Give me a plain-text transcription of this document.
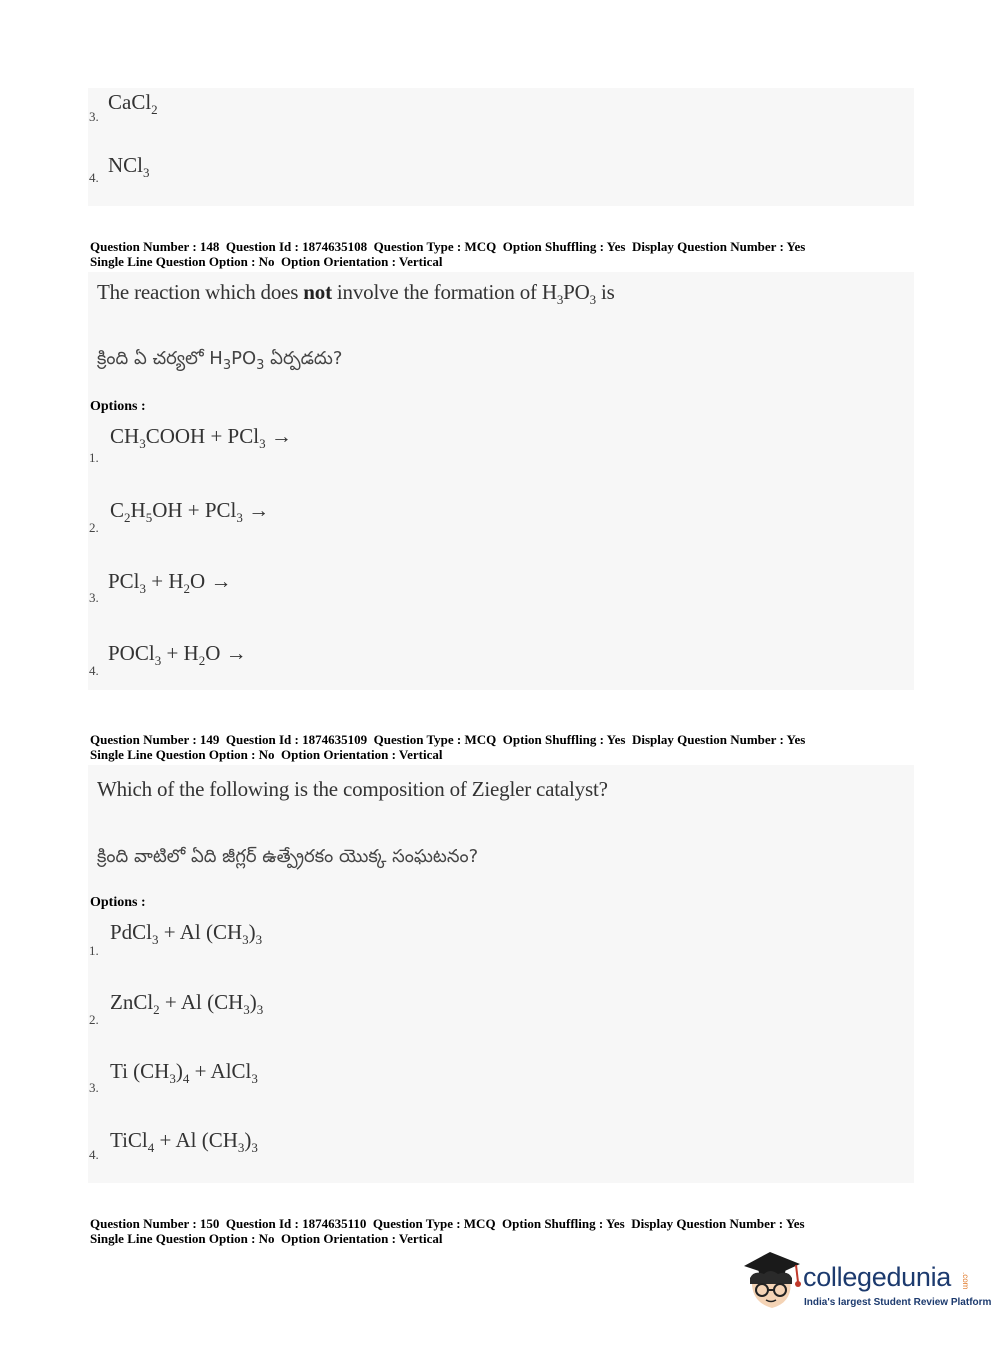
3.
CaCl$_2$
4.
NCl$_3$
Question Number : 148  Question Id : 1874635108  Question Type : MCQ  Option Shuffling : Yes  Display Question Number : Yes
Single Line Question Option : No  Option Orientation : Vertical
The reaction which does not involve the formation of $H_3PO_3$ is
క్రింది ఏ చర్యలో $H_3PO_3$ ఏర్పడదు?
Options :
$CH_3COOH + PCl_3$ →
1.
$C_2H_5OH + PCl_3$ →
2.
$PCl_3 + H_2O$ →
3.
POCl$_3$ + $H_2O$ →
4.
Question Number : 149  Question Id : 1874635109  Question Type : MCQ  Option Shuffling : Yes  Display Question Number : Yes
Single Line Question Option : No  Option Orientation : Vertical
Which of the following is the composition of Ziegler catalyst?
క్రింది వాటిలో ఏది జీగ్లర్ ఉత్ప్రేరకం యొక్క సంఘటనం?
Options :
PdCl$_3$ + Al $(CH_3)_3$
1.
ZnCl$_2$ + Al $(CH_3)_3$
2.
Ti $(CH_3)_4$ + AlCl$_3$
3.
TiCl$_4$ + Al $(CH_3)_3$
4.
Question Number : 150  Question Id : 1874635110  Question Type : MCQ  Option Shuffling : Yes  Display Question Number : Yes
Single Line Question Option : No  Option Orientation : Vertical
collegedunia .com
India's largest Student Review Platform
